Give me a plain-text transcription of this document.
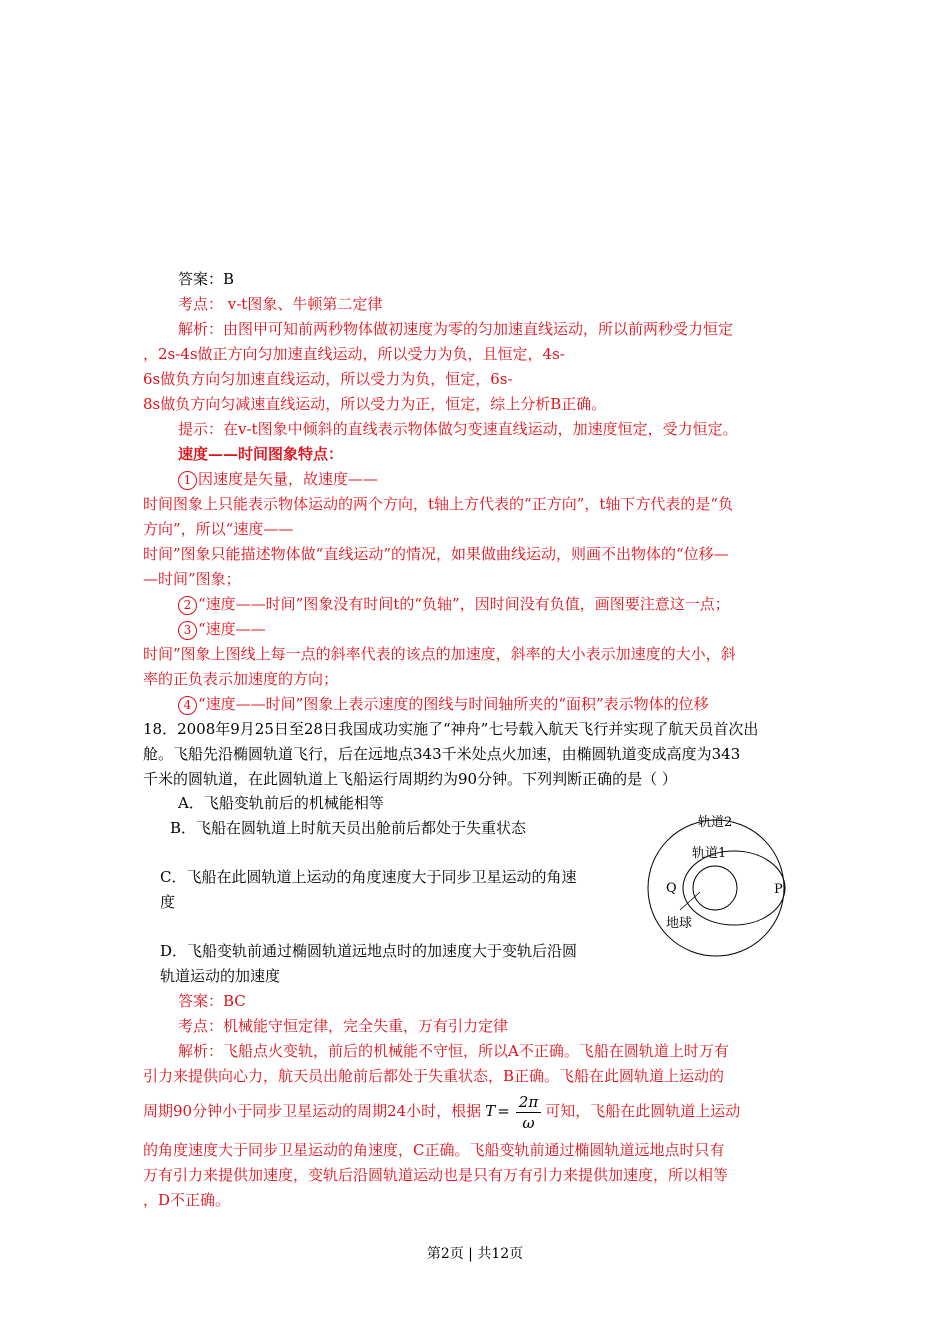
答案：B
考点： v-t图象、牛顿第二定律
解析：由图甲可知前两秒物体做初速度为零的匀加速直线运动，所以前两秒受力恒定
，2s-4s做正方向匀加速直线运动，所以受力为负，且恒定，4s-
6s做负方向匀加速直线运动，所以受力为负，恒定，6s-
8s做负方向匀减速直线运动，所以受力为正，恒定，综上分析B正确。
提示：在v-t图象中倾斜的直线表示物体做匀变速直线运动，加速度恒定，受力恒定。
速度——时间图象特点：
1 因速度是矢量，故速度——
时间图象上只能表示物体运动的两个方向，t轴上方代表的“正方向”，t轴下方代表的是“负
方向”，所以“速度——
时间”图象只能描述物体做“直线运动”的情况，如果做曲线运动，则画不出物体的“位移—
—时间”图象；
2 “速度——时间”图象没有时间t的“负轴”，因时间没有负值，画图要注意这一点；
3 “速度——
时间”图象上图线上每一点的斜率代表的该点的加速度，斜率的大小表示加速度的大小，斜
率的正负表示加速度的方向；
4 “速度——时间”图象上表示速度的图线与时间轴所夹的“面积”表示物体的位移
18．2008年9月25日至28日我国成功实施了“神舟”七号载入航天飞行并实现了航天员首次出
舱。飞船先沿椭圆轨道飞行，后在远地点343千米处点火加速，由椭圆轨道变成高度为343
千米的圆轨道，在此圆轨道上飞船运行周期约为90分钟。下列判断正确的是（ ）
A．飞船变轨前后的机械能相等
B．飞船在圆轨道上时航天员出舱前后都处于失重状态
C．飞船在此圆轨道上运动的角度速度大于同步卫星运动的角速
度
D．飞船变轨前通过椭圆轨道远地点时的加速度大于变轨后沿圆
轨道运动的加速度
轨道2
轨道1
Q	P
地球
答案：BC
考点：机械能守恒定律，完全失重，万有引力定律
解析：飞船点火变轨，前后的机械能不守恒，所以A不正确。飞船在圆轨道上时万有
引力来提供向心力，航天员出舱前后都处于失重状态，B正确。飞船在此圆轨道上运动的
周期90分钟小于同步卫星运动的周期24小时，根据 $T = \frac{2\pi}{\omega}$ 可知，飞船在此圆轨道上运动
的角度速度大于同步卫星运动的角速度，C正确。飞船变轨前通过椭圆轨道远地点时只有
万有引力来提供加速度，变轨后沿圆轨道运动也是只有万有引力来提供加速度，所以相等
，D不正确。
第2页 | 共12页
